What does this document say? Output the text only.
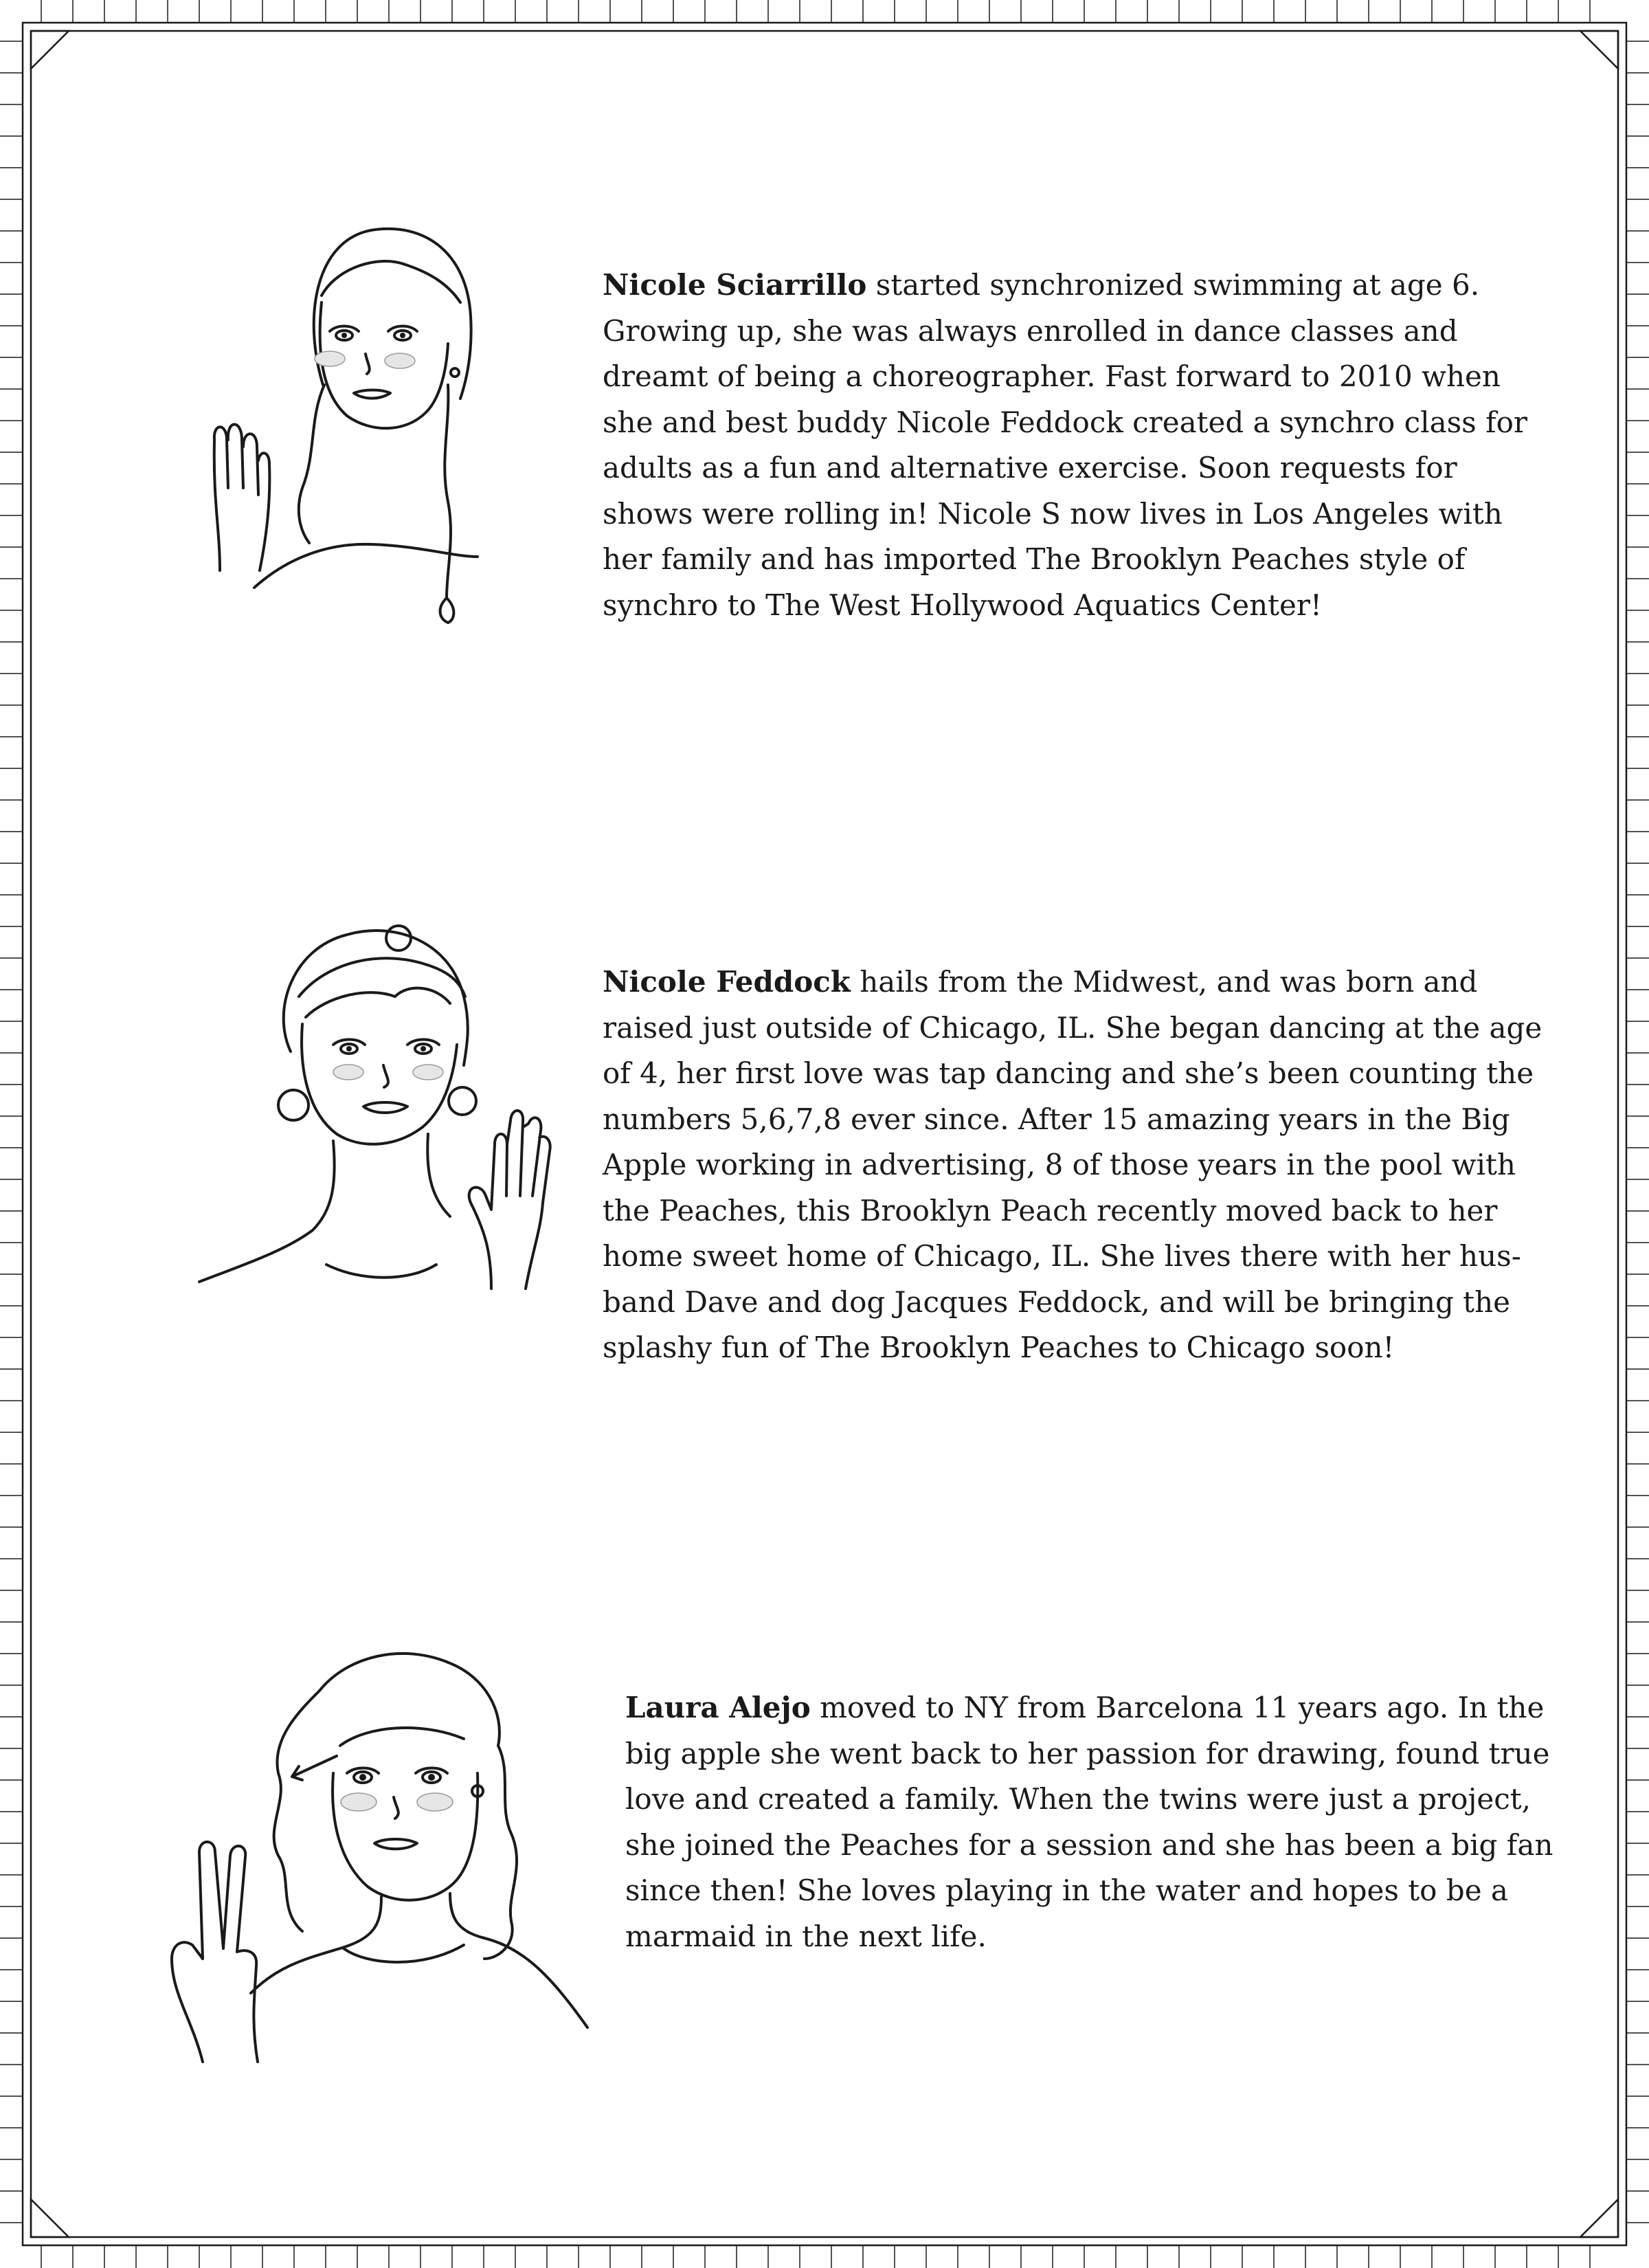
Nicole Sciarrillo started synchronized swimming at age 6.

Growing up, she was always enrolled in dance classes and

dreamt of being a choreographer. Fast forward to 2010 when

she and best buddy Nicole Feddock created a synchro class for

adults as a fun and alternative exercise. Soon requests for

shows were rolling in! Nicole S now lives in Los Angeles with

her family and has imported The Brooklyn Peaches style of

synchro to The West Hollywood Aquatics Center!

Nicole Feddock hails from the Midwest, and was born and

raised just outside of Chicago, IL. She began dancing at the age

of 4, her first love was tap dancing and she’s been counting the

numbers 5,6,7,8 ever since. After 15 amazing years in the Big

Apple working in advertising, 8 of those years in the pool with

the Peaches, this Brooklyn Peach recently moved back to her

home sweet home of Chicago, IL. She lives there with her hus-

band Dave and dog Jacques Feddock, and will be bringing the

splashy fun of The Brooklyn Peaches to Chicago soon!

Laura Alejo moved to NY from Barcelona 11 years ago. In the

big apple she went back to her passion for drawing, found true

love and created a family. When the twins were just a project,

she joined the Peaches for a session and she has been a big fan

since then! She loves playing in the water and hopes to be a

marmaid in the next life.
